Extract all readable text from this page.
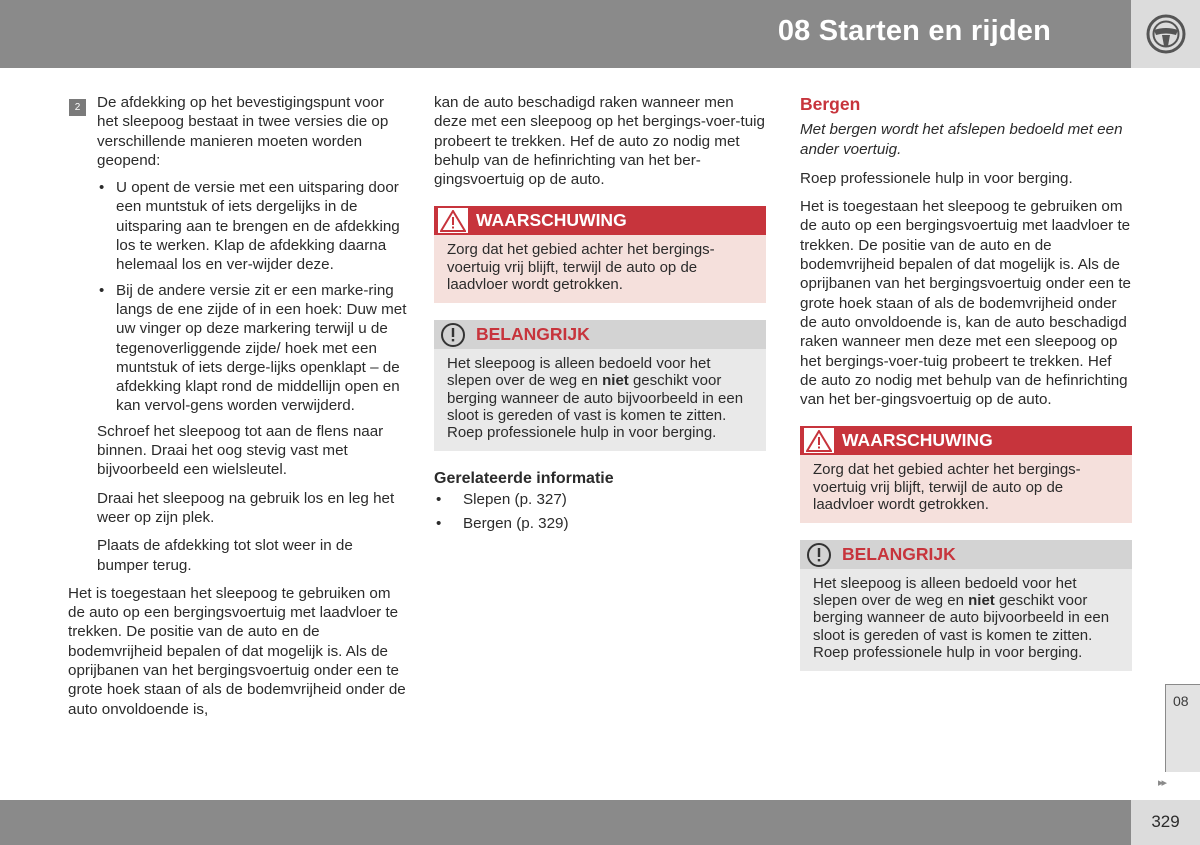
08 Starten en rijden
2	De afdekking op het bevestigingspunt voor het sleepoog bestaat in twee versies die op verschillende manieren moeten worden geopend:
• U opent de versie met een uitsparing door een muntstuk of iets dergelijks in de uitsparing aan te brengen en de afdekking los te werken. Klap de afdekking daarna helemaal los en ver-wijder deze.
• Bij de andere versie zit er een marke-ring langs de ene zijde of in een hoek: Duw met uw vinger op deze markering terwijl u de tegenoverliggende zijde/ hoek met een muntstuk of iets derge-lijks openklapt – de afdekking klapt rond de middellijn open en kan vervol-gens worden verwijderd.

Schroef het sleepoog tot aan de flens naar binnen. Draai het oog stevig vast met bijvoorbeeld een wielsleutel.

Draai het sleepoog na gebruik los en leg het weer op zijn plek.

Plaats de afdekking tot slot weer in de bumper terug.

Het is toegestaan het sleepoog te gebruiken om de auto op een bergingsvoertuig met laadvloer te trekken. De positie van de auto en de bodemvrijheid bepalen of dat mogelijk is. Als de oprijbanen van het bergingsvoertuig onder een te grote hoek staan of als de bodemvrijheid onder de auto onvoldoende is,

kan de auto beschadigd raken wanneer men deze met een sleepoog op het bergings-voer-tuig probeert te trekken. Hef de auto zo nodig met behulp van de hefinrichting van het ber-gingsvoertuig op de auto.

WAARSCHUWING
Zorg dat het gebied achter het bergings-voertuig vrij blijft, terwijl de auto op de laadvloer wordt getrokken.
BELANGRIJK
Het sleepoog is alleen bedoeld voor het slepen over de weg en niet geschikt voor berging wanneer de auto bijvoorbeeld in een sloot is gereden of vast is komen te zitten. Roep professionele hulp in voor berging.
Gerelateerde informatie
• Slepen (p. 327)
• Bergen (p. 329)
Bergen

Met bergen wordt het afslepen bedoeld met een ander voertuig.

Roep professionele hulp in voor berging.

Het is toegestaan het sleepoog te gebruiken om de auto op een bergingsvoertuig met laadvloer te trekken. De positie van de auto en de bodemvrijheid bepalen of dat mogelijk is. Als de oprijbanen van het bergingsvoertuig onder een te grote hoek staan of als de bodemvrijheid onder de auto onvoldoende is, kan de auto beschadigd raken wanneer men deze met een sleepoog op het bergings-voer-tuig probeert te trekken. Hef de auto zo nodig met behulp van de hefinrichting van het ber-gingsvoertuig op de auto.

WAARSCHUWING
Zorg dat het gebied achter het bergings-voertuig vrij blijft, terwijl de auto op de laadvloer wordt getrokken.
BELANGRIJK
Het sleepoog is alleen bedoeld voor het slepen over de weg en niet geschikt voor berging wanneer de auto bijvoorbeeld in een sloot is gereden of vast is komen te zitten. Roep professionele hulp in voor berging.
08
▸▸
329
